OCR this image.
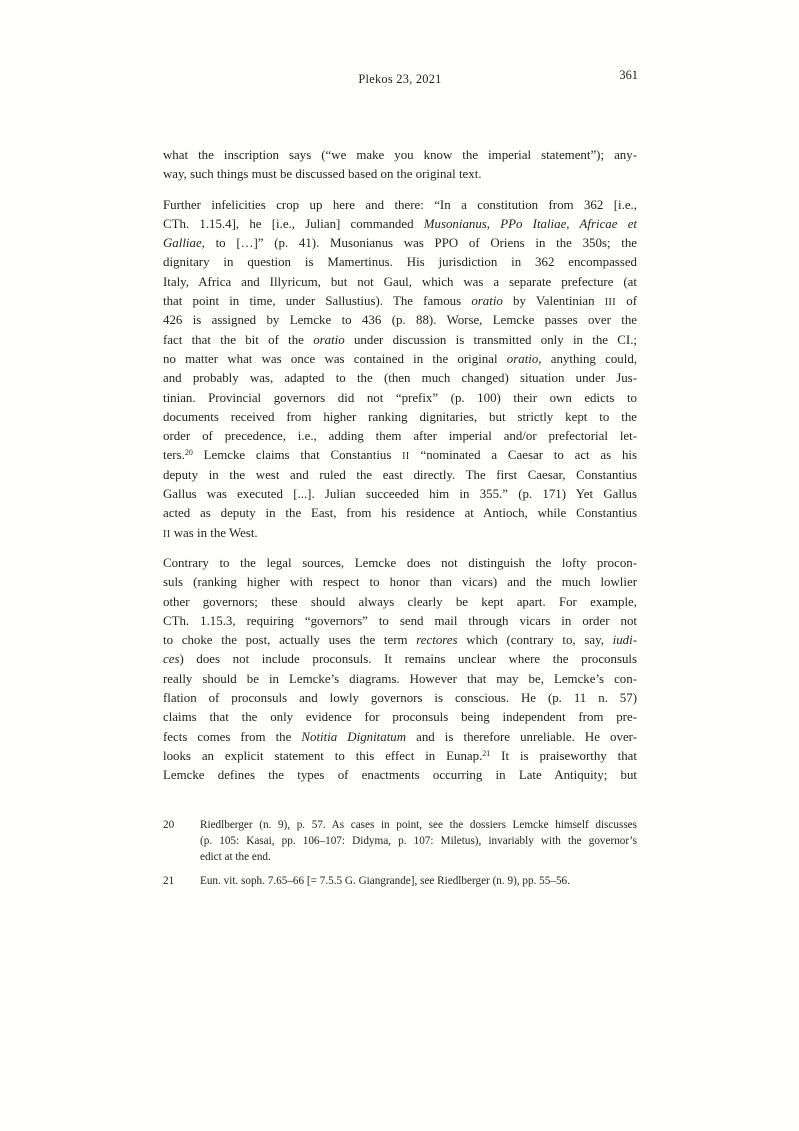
Plekos 23, 2021	361
what the inscription says (“we make you know the imperial statement”); any-
way, such things must be discussed based on the original text.
Further infelicities crop up here and there: “In a constitution from 362 [i.e.,
CTh. 1.15.4], he [i.e., Julian] commanded Musonianus, PPo Italiae, Africae et
Galliae, to […]” (p. 41). Musonianus was PPO of Oriens in the 350s; the
dignitary in question is Mamertinus. His jurisdiction in 362 encompassed
Italy, Africa and Illyricum, but not Gaul, which was a separate prefecture (at
that point in time, under Sallustius). The famous oratio by Valentinian III of
426 is assigned by Lemcke to 436 (p. 88). Worse, Lemcke passes over the
fact that the bit of the oratio under discussion is transmitted only in the CI.;
no matter what was once was contained in the original oratio, anything could,
and probably was, adapted to the (then much changed) situation under Jus-
tinian. Provincial governors did not “prefix” (p. 100) their own edicts to
documents received from higher ranking dignitaries, but strictly kept to the
order of precedence, i.e., adding them after imperial and/or prefectorial let-
ters.$^{20}$ Lemcke claims that Constantius II “nominated a Caesar to act as his
deputy in the west and ruled the east directly. The first Caesar, Constantius
Gallus was executed [...]. Julian succeeded him in 355.” (p. 171) Yet Gallus
acted as deputy in the East, from his residence at Antioch, while Constantius
II was in the West.
Contrary to the legal sources, Lemcke does not distinguish the lofty procon-
suls (ranking higher with respect to honor than vicars) and the much lowlier
other governors; these should always clearly be kept apart. For example,
CTh. 1.15.3, requiring “governors” to send mail through vicars in order not
to choke the post, actually uses the term rectores which (contrary to, say, iudi-
ces) does not include proconsuls. It remains unclear where the proconsuls
really should be in Lemcke’s diagrams. However that may be, Lemcke’s con-
flation of proconsuls and lowly governors is conscious. He (p. 11 n. 57)
claims that the only evidence for proconsuls being independent from pre-
fects comes from the Notitia Dignitatum and is therefore unreliable. He over-
looks an explicit statement to this effect in Eunap.$^{21}$ It is praiseworthy that
Lemcke defines the types of enactments occurring in Late Antiquity; but
20	Riedlberger (n. 9), p. 57. As cases in point, see the dossiers Lemcke himself discusses
(p. 105: Kasai, pp. 106–107: Didyma, p. 107: Miletus), invariably with the governor’s
edict at the end.
21	Eun. vit. soph. 7.65–66 [= 7.5.5 G. Giangrande], see Riedlberger (n. 9), pp. 55–56.
